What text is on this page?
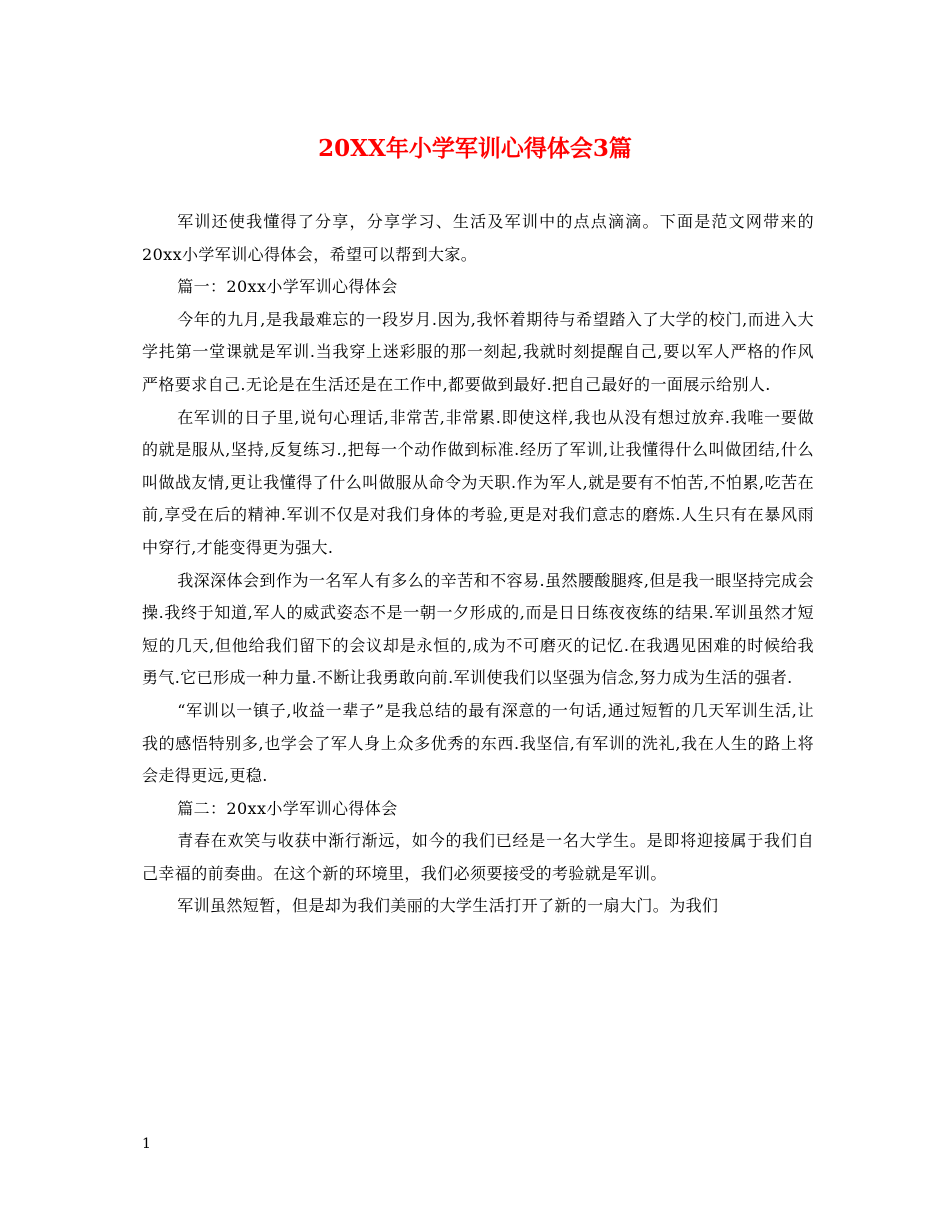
20XX年小学军训心得体会3篇

军训还使我懂得了分享，分享学习、生活及军训中的点点滴滴。下面是范文网带来的20xx小学军训心得体会，希望可以帮到大家。

篇一：20xx小学军训心得体会

今年的九月,是我最难忘的一段岁月.因为,我怀着期待与希望踏入了大学的校门,而进入大学扥第一堂课就是军训.当我穿上迷彩服的那一刻起,我就时刻提醒自己,要以军人严格的作风严格要求自己.无论是在生活还是在工作中,都要做到最好.把自己最好的一面展示给别人.

在军训的日子里,说句心理话,非常苦,非常累.即使这样,我也从没有想过放弃.我唯一要做的就是服从,坚持,反复练习.,把每一个动作做到标准.经历了军训,让我懂得什么叫做团结,什么叫做战友情,更让我懂得了什么叫做服从命令为天职.作为军人,就是要有不怕苦,不怕累,吃苦在前,享受在后的精神.军训不仅是对我们身体的考验,更是对我们意志的磨炼.人生只有在暴风雨中穿行,才能变得更为强大.

我深深体会到作为一名军人有多么的辛苦和不容易.虽然腰酸腿疼,但是我一眼坚持完成会操.我终于知道,军人的威武姿态不是一朝一夕形成的,而是日日练夜夜练的结果.军训虽然才短短的几天,但他给我们留下的会议却是永恒的,成为不可磨灭的记忆.在我遇见困难的时候给我勇气.它已形成一种力量.不断让我勇敢向前.军训使我们以坚强为信念,努力成为生活的强者.

“军训以一镇子,收益一辈子”是我总结的最有深意的一句话,通过短暂的几天军训生活,让我的感悟特别多,也学会了军人身上众多优秀的东西.我坚信,有军训的洗礼,我在人生的路上将会走得更远,更稳.

篇二：20xx小学军训心得体会

青春在欢笑与收获中渐行渐远，如今的我们已经是一名大学生。是即将迎接属于我们自己幸福的前奏曲。在这个新的环境里，我们必须要接受的考验就是军训。

军训虽然短暂，但是却为我们美丽的大学生活打开了新的一扇大门。为我们

1
